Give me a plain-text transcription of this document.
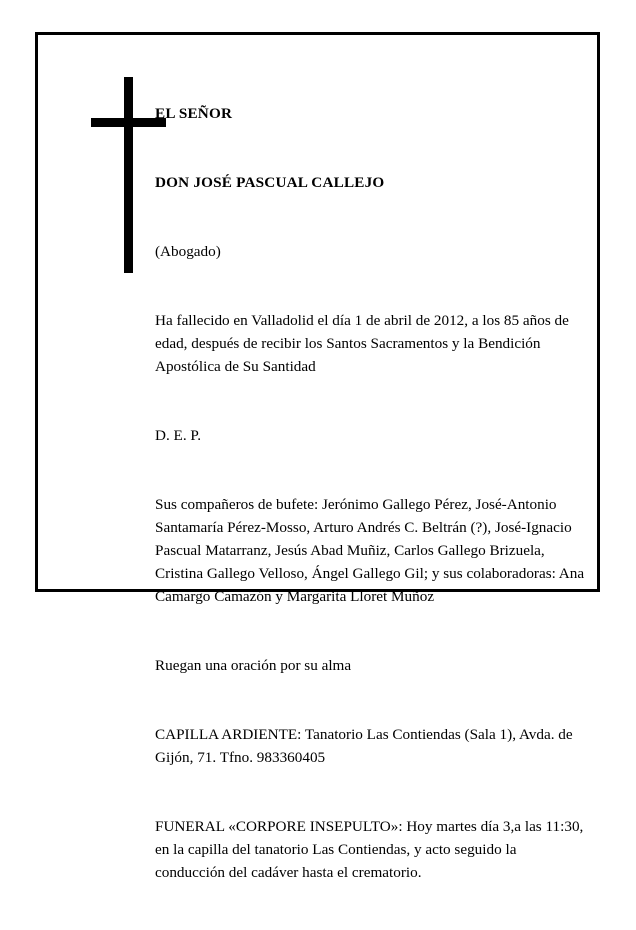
EL SEÑOR

DON JOSÉ PASCUAL CALLEJO

(Abogado)

Ha fallecido en Valladolid el día 1 de abril de 2012, a los 85 años de edad, después de recibir los Santos Sacramentos y la Bendición Apostólica de Su Santidad

D. E. P.

Sus compañeros de bufete: Jerónimo Gallego Pérez, José-Antonio Santamaría Pérez-Mosso, Arturo Andrés C. Beltrán (?), José-Ignacio Pascual Matarranz, Jesús Abad Muñiz, Carlos Gallego Brizuela, Cristina Gallego Velloso, Ángel Gallego Gil; y sus colaboradoras: Ana Camargo Camazón y Margarita Lloret Muñoz

Ruegan una oración por su alma

CAPILLA ARDIENTE: Tanatorio Las Contiendas (Sala 1), Avda. de Gijón, 71. Tfno. 983360405

FUNERAL «CORPORE INSEPULTO»: Hoy martes día 3,a las 11:30, en la capilla del tanatorio Las Contiendas, y acto seguido la conducción del cadáver hasta el crematorio.
